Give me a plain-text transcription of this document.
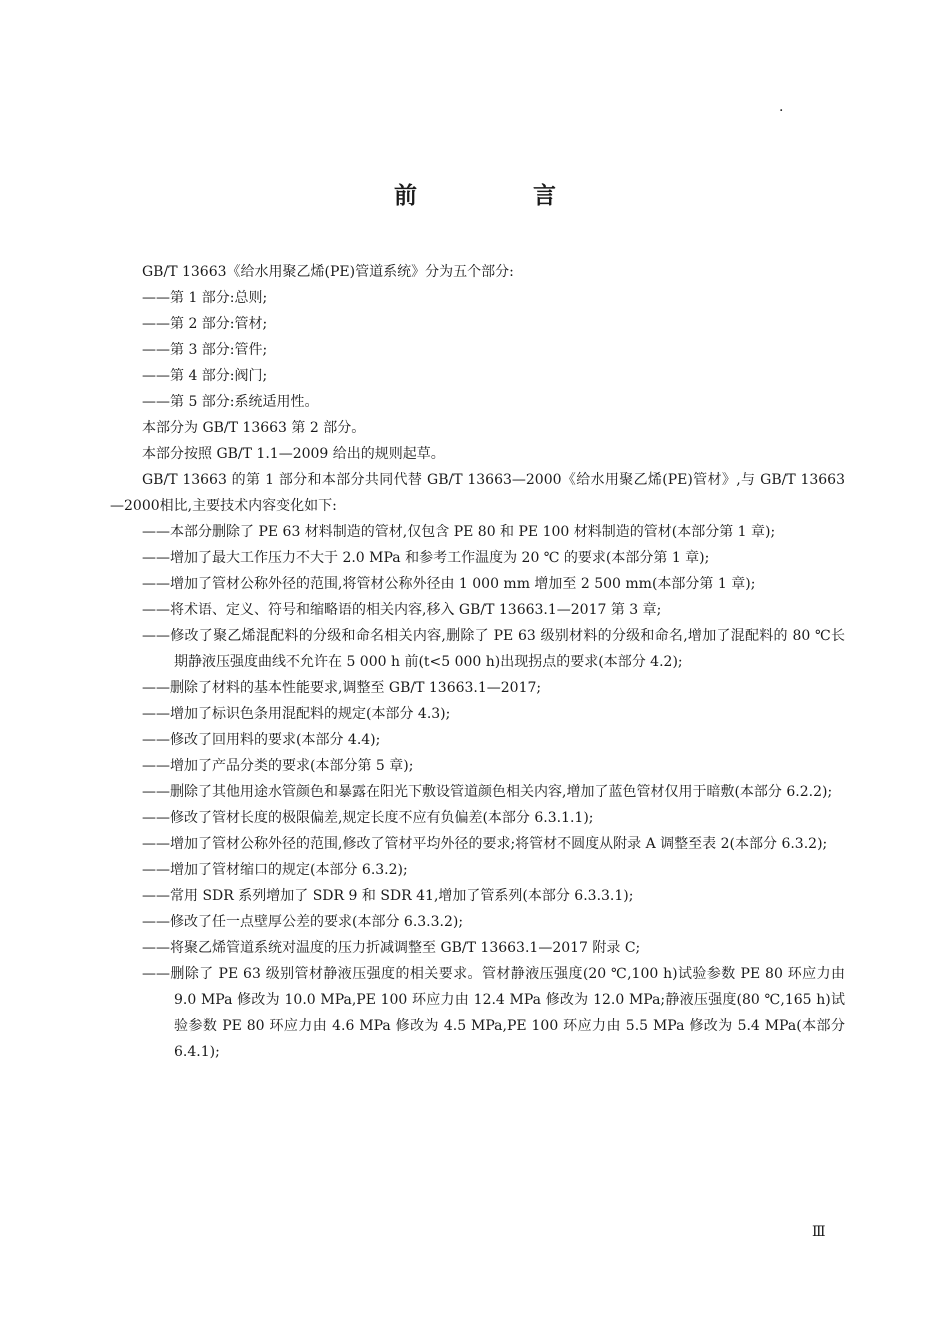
·
前 言

GB/T 13663《给水用聚乙烯(PE)管道系统》分为五个部分:

——第 1 部分:总则;

——第 2 部分:管材;

——第 3 部分:管件;

——第 4 部分:阀门;

——第 5 部分:系统适用性。

本部分为 GB/T 13663 第 2 部分。

本部分按照 GB/T 1.1—2009 给出的规则起草。

GB/T 13663 的第 1 部分和本部分共同代替 GB/T 13663—2000《给水用聚乙烯(PE)管材》,与 GB/T 13663—2000相比,主要技术内容变化如下:

——本部分删除了 PE 63 材料制造的管材,仅包含 PE 80 和 PE 100 材料制造的管材(本部分第 1 章);

——增加了最大工作压力不大于 2.0 MPa 和参考工作温度为 20 ℃ 的要求(本部分第 1 章);

——增加了管材公称外径的范围,将管材公称外径由 1 000 mm 增加至 2 500 mm(本部分第 1 章);

——将术语、定义、符号和缩略语的相关内容,移入 GB/T 13663.1—2017 第 3 章;

——修改了聚乙烯混配料的分级和命名相关内容,删除了 PE 63 级别材料的分级和命名,增加了混配料的 80 ℃长期静液压强度曲线不允许在 5 000 h 前(t<5 000 h)出现拐点的要求(本部分 4.2);

——删除了材料的基本性能要求,调整至 GB/T 13663.1—2017;

——增加了标识色条用混配料的规定(本部分 4.3);

——修改了回用料的要求(本部分 4.4);

——增加了产品分类的要求(本部分第 5 章);

——删除了其他用途水管颜色和暴露在阳光下敷设管道颜色相关内容,增加了蓝色管材仅用于暗敷(本部分 6.2.2);

——修改了管材长度的极限偏差,规定长度不应有负偏差(本部分 6.3.1.1);

——增加了管材公称外径的范围,修改了管材平均外径的要求;将管材不圆度从附录 A 调整至表 2(本部分 6.3.2);

——增加了管材缩口的规定(本部分 6.3.2);

——常用 SDR 系列增加了 SDR 9 和 SDR 41,增加了管系列(本部分 6.3.3.1);

——修改了任一点壁厚公差的要求(本部分 6.3.3.2);

——将聚乙烯管道系统对温度的压力折减调整至 GB/T 13663.1—2017 附录 C;

——删除了 PE 63 级别管材静液压强度的相关要求。管材静液压强度(20 ℃,100 h)试验参数 PE 80 环应力由 9.0 MPa 修改为 10.0 MPa,PE 100 环应力由 12.4 MPa 修改为 12.0 MPa;静液压强度(80 ℃,165 h)试验参数 PE 80 环应力由 4.6 MPa 修改为 4.5 MPa,PE 100 环应力由 5.5 MPa 修改为 5.4 MPa(本部分 6.4.1);

Ⅲ
